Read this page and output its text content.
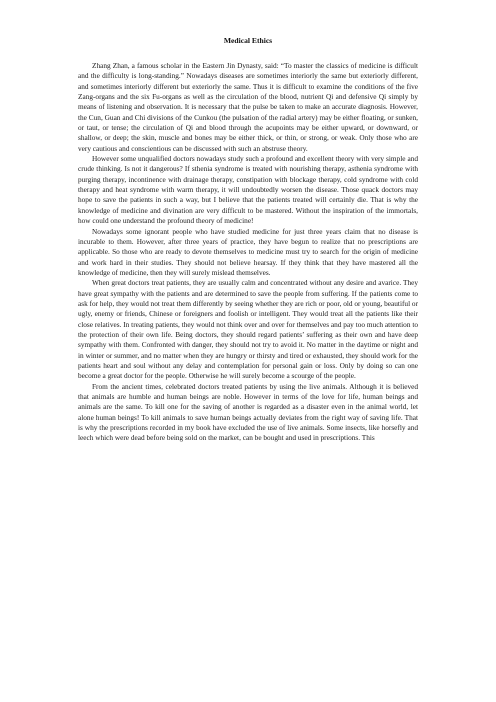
Medical Ethics

Zhang Zhan, a famous scholar in the Eastern Jin Dynasty, said: “To master the classics of medicine is difficult and the difficulty is long-standing.” Nowadays diseases are sometimes interiorly the same but exteriorly different, and sometimes interiorly different but exteriorly the same. Thus it is difficult to examine the conditions of the five Zang-organs and the six Fu-organs as well as the circulation of the blood, nutrient Qi and defensive Qi simply by means of listening and observation. It is necessary that the pulse be taken to make an accurate diagnosis. However, the Cun, Guan and Chi divisions of the Cunkou (the pulsation of the radial artery) may be either floating, or sunken, or taut, or tense; the circulation of Qi and blood through the acupoints may be either upward, or downward, or shallow, or deep; the skin, muscle and bones may be either thick, or thin, or strong, or weak. Only those who are very cautious and conscientious can be discussed with such an abstruse theory.

However some unqualified doctors nowadays study such a profound and excellent theory with very simple and crude thinking. Is not it dangerous? If sthenia syndrome is treated with nourishing therapy, asthenia syndrome with purging therapy, incontinence with drainage therapy, constipation with blockage therapy, cold syndrome with cold therapy and heat syndrome with warm therapy, it will undoubtedly worsen the disease. Those quack doctors may hope to save the patients in such a way, but I believe that the patients treated will certainly die. That is why the knowledge of medicine and divination are very difficult to be mastered. Without the inspiration of the immortals, how could one understand the profound theory of medicine!

Nowadays some ignorant people who have studied medicine for just three years claim that no disease is incurable to them. However, after three years of practice, they have begun to realize that no prescriptions are applicable. So those who are ready to devote themselves to medicine must try to search for the origin of medicine and work hard in their studies. They should not believe hearsay. If they think that they have mastered all the knowledge of medicine, then they will surely mislead themselves.

When great doctors treat patients, they are usually calm and concentrated without any desire and avarice. They have great sympathy with the patients and are determined to save the people from suffering. If the patients come to ask for help, they would not treat them differently by seeing whether they are rich or poor, old or young, beautiful or ugly, enemy or friends, Chinese or foreigners and foolish or intelligent. They would treat all the patients like their close relatives. In treating patients, they would not think over and over for themselves and pay too much attention to the protection of their own life. Being doctors, they should regard patients’ suffering as their own and have deep sympathy with them. Confronted with danger, they should not try to avoid it. No matter in the daytime or night and in winter or summer, and no matter when they are hungry or thirsty and tired or exhausted, they should work for the patients heart and soul without any delay and contemplation for personal gain or loss. Only by doing so can one become a great doctor for the people. Otherwise he will surely become a scourge of the people.

From the ancient times, celebrated doctors treated patients by using the live animals. Although it is believed that animals are humble and human beings are noble. However in terms of the love for life, human beings and animals are the same. To kill one for the saving of another is regarded as a disaster even in the animal world, let alone human beings! To kill animals to save human beings actually deviates from the right way of saving life. That is why the prescriptions recorded in my book have excluded the use of live animals. Some insects, like horsefly and leech which were dead before being sold on the market, can be bought and used in prescriptions. This
